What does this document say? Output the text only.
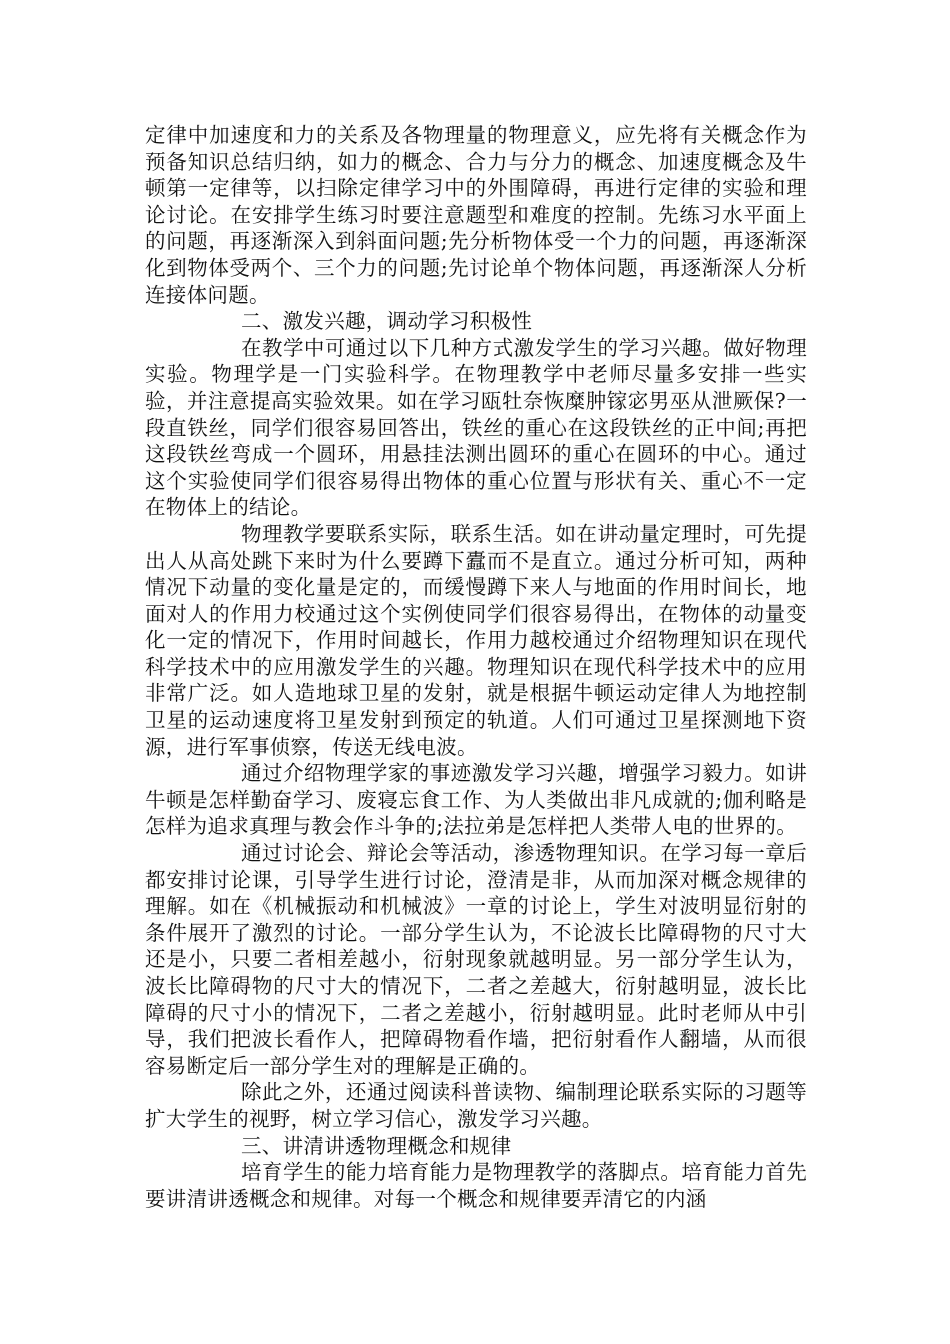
定律中加速度和力的关系及各物理量的物理意义，应先将有关概念作为预备知识总结归纳，如力的概念、合力与分力的概念、加速度概念及牛顿第一定律等，以扫除定律学习中的外围障碍，再进行定律的实验和理论讨论。在安排学生练习时要注意题型和难度的控制。先练习水平面上的问题，再逐渐深入到斜面问题;先分析物体受一个力的问题，再逐渐深化到物体受两个、三个力的问题;先讨论单个物体问题，再逐渐深人分析连接体问题。

二、激发兴趣，调动学习积极性

在教学中可通过以下几种方式激发学生的学习兴趣。做好物理实验。物理学是一门实验科学。在物理教学中老师尽量多安排一些实验，并注意提高实验效果。如在学习瓯牡奈恢糜肿镓宓男巫从泄厥保?一段直铁丝，同学们很容易回答出，铁丝的重心在这段铁丝的正中间;再把这段铁丝弯成一个圆环，用悬挂法测出圆环的重心在圆环的中心。通过这个实验使同学们很容易得出物体的重心位置与形状有关、重心不一定在物体上的结论。

物理教学要联系实际，联系生活。如在讲动量定理时，可先提出人从高处跳下来时为什么要蹲下蠹而不是直立。通过分析可知，两种情况下动量的变化量是定的，而缓慢蹲下来人与地面的作用时间长，地面对人的作用力校通过这个实例使同学们很容易得出，在物体的动量变化一定的情况下，作用时间越长，作用力越校通过介绍物理知识在现代科学技术中的应用激发学生的兴趣。物理知识在现代科学技术中的应用非常广泛。如人造地球卫星的发射，就是根据牛顿运动定律人为地控制卫星的运动速度将卫星发射到预定的轨道。人们可通过卫星探测地下资源，进行军事侦察，传送无线电波。

通过介绍物理学家的事迹激发学习兴趣，增强学习毅力。如讲牛顿是怎样勤奋学习、废寝忘食工作、为人类做出非凡成就的;伽利略是怎样为追求真理与教会作斗争的;法拉弟是怎样把人类带人电的世界的。

通过讨论会、辩论会等活动，渗透物理知识。在学习每一章后都安排讨论课，引导学生进行讨论，澄清是非，从而加深对概念规律的理解。如在《机械振动和机械波》一章的讨论上，学生对波明显衍射的条件展开了激烈的讨论。一部分学生认为，不论波长比障碍物的尺寸大还是小，只要二者相差越小，衍射现象就越明显。另一部分学生认为，波长比障碍物的尺寸大的情况下，二者之差越大，衍射越明显，波长比障碍的尺寸小的情况下，二者之差越小，衍射越明显。此时老师从中引导，我们把波长看作人，把障碍物看作墙，把衍射看作人翻墙，从而很容易断定后一部分学生对的理解是正确的。

除此之外，还通过阅读科普读物、编制理论联系实际的习题等扩大学生的视野，树立学习信心，激发学习兴趣。

三、讲清讲透物理概念和规律

培育学生的能力培育能力是物理教学的落脚点。培育能力首先要讲清讲透概念和规律。对每一个概念和规律要弄清它的内涵
